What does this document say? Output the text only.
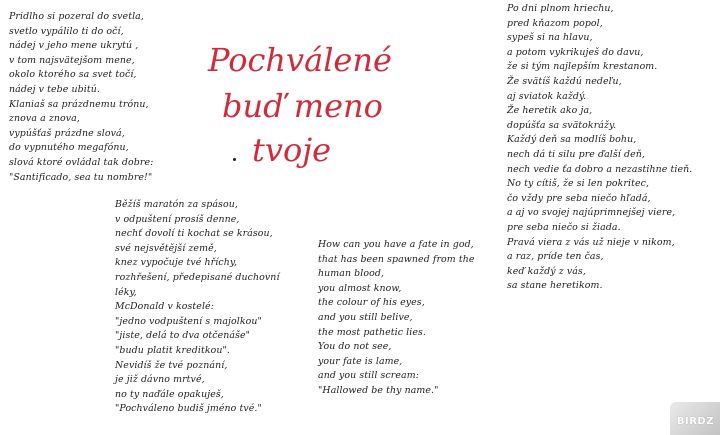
Pridlho si pozeral do svetla,
svetlo vypálilo ti do očí,
nádej v jeho mene ukrytú ,
v tom najsvätejšom mene,
okolo ktorého sa svet točí,
nádej v tebe ubitú.
Klaniaš sa prázdnemu trónu,
znova a znova,
vypúšťaš prázdne slová,
do vypnutého megafónu,
slová ktoré ovládal tak dobre:
"Santificado, sea tu nombre!"
Pochválené
buď meno
tvoje
Běžíš maratón za spásou,
v odpuštení prosíš denne,
nechť dovolí ti kochat se krásou,
své nejsvětější země,
knez vypočuje tvé hříchy,
rozhřešení, předepisané duchovní
léky,
McDonald v kostelé:
"jedno vodpuštení s majolkou"
"jiste, delá to dva otčenáše"
"budu platit kreditkou".
Nevidíš že tvé poznání,
je již dávno mrtvé,
no ty naďále opakuješ,
"Pochváleno budiš jméno tvé."
How can you have a fate in god,
that has been spawned from the
human blood,
you almost know,
the colour of his eyes,
and you still belive,
the most pathetic lies.
You do not see,
your fate is lame,
and you still scream:
"Hallowed be thy name."
Po dni plnom hriechu,
pred kňazom popol,
sypeš si na hlavu,
a potom vykrikuješ do davu,
že si tým najlepším krestanom.
Že svätíš každú nedeľu,
aj sviatok každý.
Že heretik ako ja,
dopúšťa sa svätokrážy.
Každý deň sa modlíš bohu,
nech dá ti silu pre ďalší deň,
nech vedie ťa dobro a nezastihne tieň.
No ty cítiš, že si len pokritec,
čo vždy pre seba niečo hľadá,
a aj vo svojej najúprimnejšej viere,
pre seba niečo si žiada.
Pravá viera z vás už nieje v nikom,
a raz, príde ten čas,
keď každý z vás,
sa stane heretikom.
BIRDZ
